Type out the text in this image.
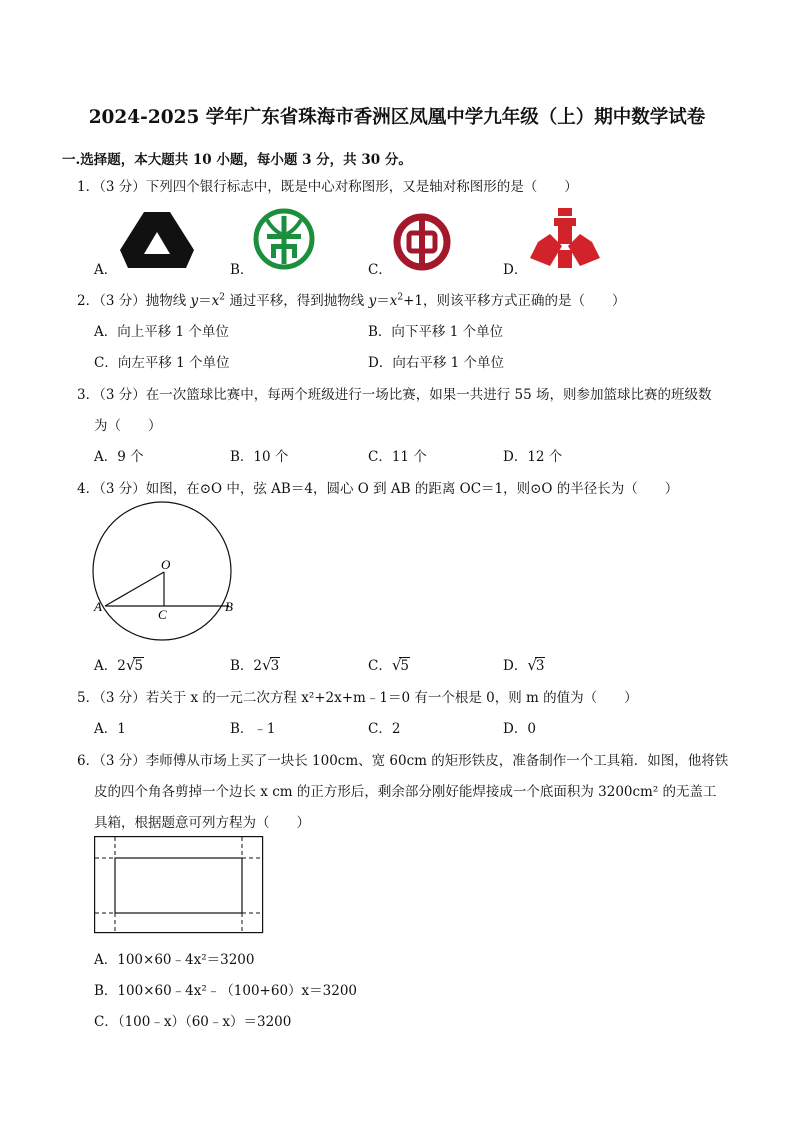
2024-2025 学年广东省珠海市香洲区凤凰中学九年级（上）期中数学试卷
一.选择题，本大题共 10 小题，每小题 3 分，共 30 分。
1．（3 分）下列四个银行标志中，既是中心对称图形，又是轴对称图形的是（　　）
A．	B．	C．	D．
2．（3 分）抛物线 $y=x^2$ 通过平移，得到抛物线 $y=x^2+1$，则该平移方式正确的是（　　）
A．向上平移 1 个单位	B．向下平移 1 个单位
C．向左平移 1 个单位	D．向右平移 1 个单位
3．（3 分）在一次篮球比赛中，每两个班级进行一场比赛，如果一共进行 55 场，则参加篮球比赛的班级数
为（　　）
A．9 个	B．10 个	C．11 个	D．12 个
4．（3 分）如图，在⊙O 中，弦 AB＝4，圆心 O 到 AB 的距离 OC＝1，则⊙O 的半径长为（　　）
O
A	B
C
A．2√5	B．2√3	C．√5	D．√3
5．（3 分）若关于 x 的一元二次方程 x²+2x+m﹣1＝0 有一个根是 0，则 m 的值为（　　）
A．1	B．﹣1	C．2	D．0
6．（3 分）李师傅从市场上买了一块长 100cm、宽 60cm 的矩形铁皮，准备制作一个工具箱．如图，他将铁
皮的四个角各剪掉一个边长 x cm 的正方形后，剩余部分刚好能焊接成一个底面积为 3200cm² 的无盖工
具箱，根据题意可列方程为（　　）
A．100×60﹣4x²＝3200
B．100×60﹣4x²﹣（100+60）x＝3200
C．（100﹣x）（60﹣x）＝3200
